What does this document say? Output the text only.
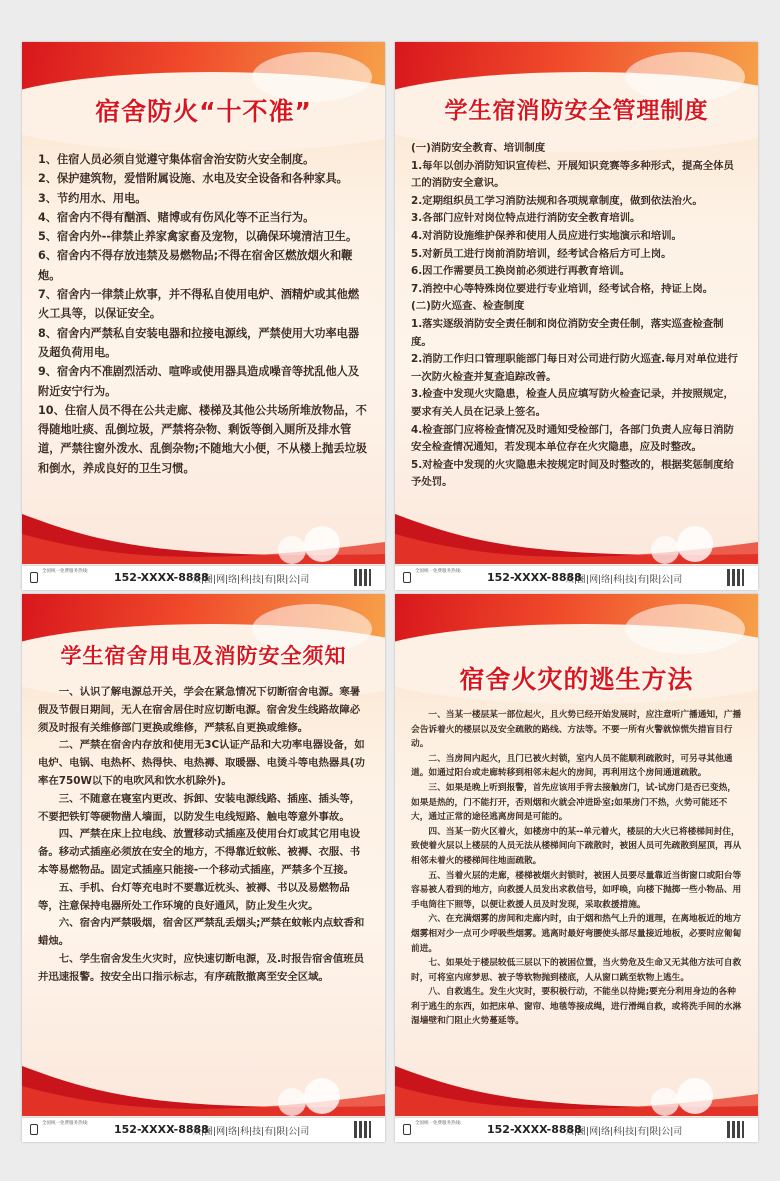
宿舍防火“十不准”

1、住宿人员必须自觉遵守集体宿舍治安防火安全制度。

2、保护建筑物，爱惜附属设施、水电及安全设备和各种家具。

3、节约用水、用电。

4、宿舍内不得有酗酒、赌博或有伤风化等不正当行为。

5、宿舍内外--律禁止养家禽家畜及宠物，以确保环境清洁卫生。

6、宿舍内不得存放违禁及易燃物品;不得在宿舍区燃放烟火和鞭炮。

7、宿舍内一律禁止炊事，并不得私自使用电炉、酒精炉或其他燃火工具等，以保证安全。

8、宿舍内严禁私自安装电器和拉接电源线，严禁使用大功率电器及超负荷用电。

9、宿舍内不准剧烈活动、喧哗或使用器具造成噪音等扰乱他人及附近安宁行为。

10、住宿人员不得在公共走廊、楼梯及其他公共场所堆放物品，不得随地吐痰、乱倒垃圾，严禁将杂物、剩饭等倒入厕所及排水管道，严禁往窗外泼水、乱倒杂物;不随地大小便，不从楼上抛丢垃圾和倒水，养成良好的卫生习惯。

全国统一免费服务热线:	152-XXXX-8888
众|图|网|络|科|技|有|限|公|司
学生宿消防安全管理制度

(一)消防安全教育、培训制度

1.每年以创办消防知识宣传栏、开展知识竞赛等多种形式，提高全体员工的消防安全意识。

2.定期组织员工学习消防法规和各项规章制度，做到依法治火。

3.各部门应针对岗位特点进行消防安全教育培训。

4.对消防设施维护保养和使用人员应进行实地演示和培训。

5.对新员工进行岗前消防培训，经考试合格后方可上岗。

6.因工作需要员工换岗前必须进行再教育培训。

7.消控中心等特殊岗位要进行专业培训，经考试合格，持证上岗。

(二)防火巡查、检查制度

1.落实逐级消防安全责任制和岗位消防安全责任制，落实巡查检查制度。

2.消防工作归口管理职能部门每日对公司进行防火巡查.每月对单位进行一次防火检查并复查追踪改善。

3.检查中发现火灾隐患，检查人员应填写防火检查记录，并按照规定，要求有关人员在记录上签名。

4.检查部门应将检查情况及时通知受检部门，各部门负责人应每日消防安全检查情况通知，若发现本单位存在火灾隐患，应及时整改。

5.对检查中发现的火灾隐患未按规定时间及时整改的，根据奖惩制度给予处罚。

全国统一免费服务热线:	152-XXXX-8888
众|图|网|络|科|技|有|限|公|司
学生宿舍用电及消防安全须知

一、认识了解电源总开关，学会在紧急情况下切断宿舍电源。寒暑假及节假日期间，无人在宿舍居住时应切断电源。宿舍发生线路故障必须及时报有关维修部门更换或维修，严禁私自更换或维修。

二、严禁在宿舍内存放和使用无3C认证产品和大功率电器设备，如电炉、电锅、电热杯、热得快、电热褥、取暖器、电烫斗等电热器具(功率在750W以下的电吹风和饮水机除外)。

三、不随意在寝室内更改、拆卸、安装电源线路、插座、插头等，不要把铁钉等硬物凿人墙面，以防发生电线短路、触电等意外事故。

四、严禁在床上拉电线、放置移动式插座及使用台灯或其它用电设备。移动式插座必须放在安全的地方，不得靠近蚊帐、被褥、衣服、书本等易燃物品。固定式插座只能接-一个移动式插座，严禁多个互接。

五、手机、台灯等充电时不要靠近枕头、被褥、书以及易燃物品等，注意保持电器所处工作环境的良好通风，防止发生火灾。

六、宿舍内严禁吸烟，宿舍区严禁乱丢烟头;严禁在蚊帐内点蚊香和蜡烛。

七、学生宿舍发生火灾时，应快速切断电源，及.时报告宿舍值班员并迅速报警。按安全出口指示标志，有序疏散撤离至安全区域。

全国统一免费服务热线:	152-XXXX-8888
众|图|网|络|科|技|有|限|公|司
宿舍火灾的逃生方法

一、当某一楼层某一部位起火，且火势已经开始发展时，应注意听广播通知，广播会告诉着火的楼层以及安全疏散的路线、方法等。不要一所有火警就惊慌失措盲目行动。

二、当房间内起火，且门已被火封锁，室内人员不能顺利疏散时，可另寻其他通道。如通过阳台或走廊转移到相邻未起火的房间，再利用这个房间通道疏散。

三、如果是晚上听到报警，首先应该用手背去接触房门，试-试房门是否已变热，如果是热的，门不能打开，否则烟和火就会冲进卧室;如果房门不热，火势可能还不大，通过正常的途径逃离房间是可能的。

四、当某一防火区着火，如楼房中的某--单元着火，楼层的大火已将楼梯间封住，致使着火层以上楼层的人员无法从楼梯间向下疏散时，被困人员可先疏散到屋顶，再从相邻未着火的楼梯间往地面疏散。

五、当着火层的走廊，楼梯被烟火封锁时，被困人员要尽量靠近当街窗口或阳台等容易被人看到的地方，向救援人员发出求救信号，如呼唤，向楼下抛掷一些小物品、用手电筒往下照等，以便让救援人员及时发现，采取救援措施。

六、在充满烟雾的房间和走廊内时，由于烟和热气上升的道理，在离地板近的地方烟雾相对少一点可少呼吸些烟雾。逃离时最好弯腰使头部尽量接近地板，必要时应匍匐前进。

七、如果处于楼层较低三层以下的被困位置，当火势危及生命又无其他方法可自救时，可将室内席梦思、被子等软物抛到楼底，人从窗口跳至软物上逃生。

八、自救逃生。发生火灾时，要积极行动，不能坐以待毙;要充分利用身边的各种利于逃生的东西，如把床单、窗帘、地毯等接成绳，进行滑绳自救，或将洗手间的水淋湿墙壁和门阻止火势蔓延等。

全国统一免费服务热线:	152-XXXX-8888
众|图|网|络|科|技|有|限|公|司
